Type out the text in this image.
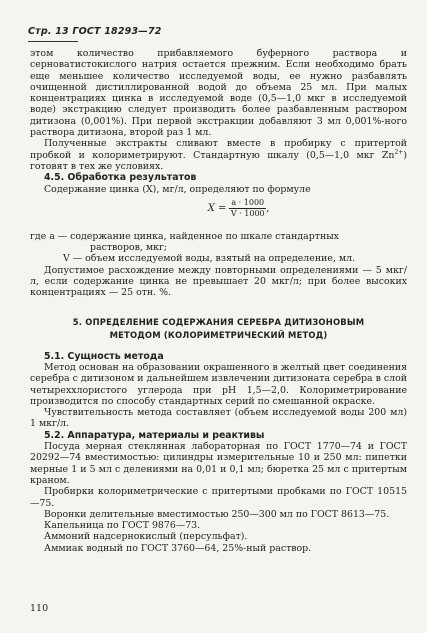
Стр. 13 ГОСТ 18293—72

этом количество прибавляемого буферного раствора и серноватистокислого натрия остается прежним. Если необходимо брать еще меньшее количество исследуемой воды, ее нужно разбавлять очищенной дистиллированной водой до объема 25 мл. При малых концентрациях цинка в исследуемой воде (0,5—1,0 мкг в исследуемой воде) экстракцию следует производить более разбавленным раствором дитизона (0,001%). При первой экстракции добавляют 3 мл 0,001%-ного раствора дитизона, второй раз 1 мл.

Полученные экстракты сливают вместе в пробирку с притертой пробкой и колориметрируют. Стандартную шкалу (0,5—1,0 мкг $Zn^{2+}$) готовят в тех же условиях.

4.5. Обработка результатов

Содержание цинка (X), мг/л, определяют по формуле

$X = \frac{a \cdot 1000}{V \cdot 1000}$ ,

где a — содержание цинка, найденное по шкале стандартных

растворов, мкг;

V — объем исследуемой воды, взятый на определение, мл.

Допустимое расхождение между повторными определениями — 5 мкг/л, если содержание цинка не превышает 20 мкг/л; при более высоких концентрациях — 25 отн. %.

5. ОПРЕДЕЛЕНИЕ СОДЕРЖАНИЯ СЕРЕБРА ДИТИЗОНОВЫМ
МЕТОДОМ (КОЛОРИМЕТРИЧЕСКИЙ МЕТОД)

5.1. Сущность метода

Метод основан на образовании окрашенного в желтый цвет соединения серебра с дитизоном и дальнейшем извлечении дитизоната серебра в слой четыреххлористого углерода при рН 1,5—2,0. Колориметрирование производится по способу стандартных серий по смешанной окраске.

Чувствительность метода составляет (объем исследуемой воды 200 мл) 1 мкг/л.

5.2. Аппаратура, материалы и реактивы

Посуда мерная стеклянная лабораторная по ГОСТ 1770—74 и ГОСТ 20292—74 вместимостью: цилиндры измерительные 10 и 250 мл: пипетки мерные 1 и 5 мл с делениями на 0,01 и 0,1 мл; бюретка 25 мл с притертым краном.

Пробирки колориметрические с притертыми пробками по ГОСТ 10515—75.

Воронки делительные вместимостью 250—300 мл по ГОСТ 8613—75.

Капельница по ГОСТ 9876—73.

Аммоний надсернокислый (персульфат).

Аммиак водный по ГОСТ 3760—64, 25%-ный раствор.

110
